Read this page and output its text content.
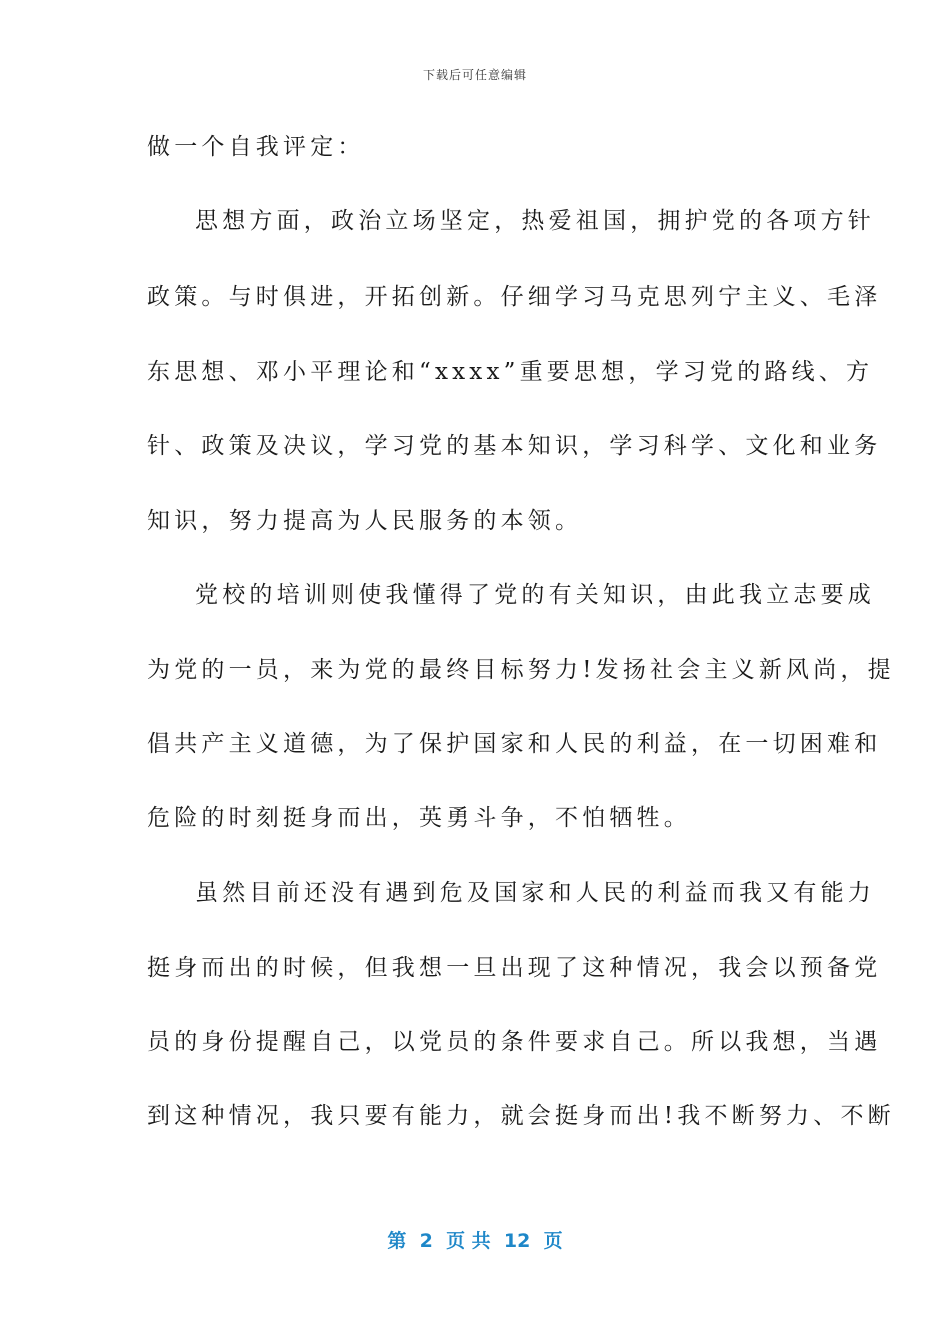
下载后可任意编辑
做一个自我评定：
思想方面，政治立场坚定，热爱祖国，拥护党的各项方针
政策。与时俱进，开拓创新。仔细学习马克思列宁主义、毛泽
东思想、邓小平理论和“xxxx”重要思想，学习党的路线、方
针、政策及决议，学习党的基本知识，学习科学、文化和业务
知识，努力提高为人民服务的本领。
党校的培训则使我懂得了党的有关知识，由此我立志要成
为党的一员，来为党的最终目标努力!发扬社会主义新风尚，提
倡共产主义道德，为了保护国家和人民的利益，在一切困难和
危险的时刻挺身而出，英勇斗争，不怕牺牲。
虽然目前还没有遇到危及国家和人民的利益而我又有能力
挺身而出的时候，但我想一旦出现了这种情况，我会以预备党
员的身份提醒自己，以党员的条件要求自己。所以我想，当遇
到这种情况，我只要有能力，就会挺身而出!我不断努力、不断
第  2  页 共  12  页
